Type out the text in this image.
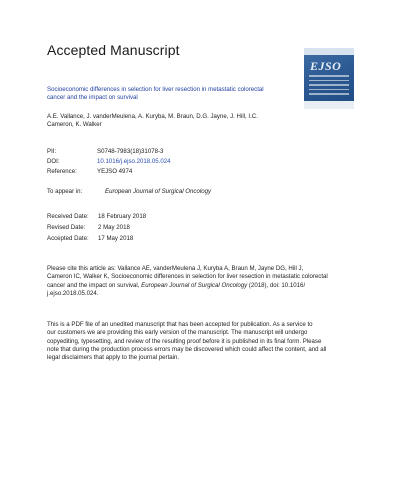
Accepted Manuscript
EJSO
Socioeconomic differences in selection for liver resection in metastatic colorectal
cancer and the impact on survival
A.E. Vallance, J. vanderMeulena, A. Kuryba, M. Braun, D.G. Jayne, J. Hill, I.C.
Cameron, K. Walker
PII:	S0748-7983(18)31078-3
DOI:	10.1016/j.ejso.2018.05.024
Reference:	YEJSO 4974
To appear in:	European Journal of Surgical Oncology
Received Date: 18 February 2018
Revised Date: 2 May 2018
Accepted Date: 17 May 2018
Please cite this article as: Vallance AE, vanderMeulena J, Kuryba A, Braun M, Jayne DG, Hill J,
Cameron IC, Walker K, Socioeconomic differences in selection for liver resection in metastatic colorectal
cancer and the impact on survival, European Journal of Surgical Oncology (2018), doi: 10.1016/
j.ejso.2018.05.024.
This is a PDF file of an unedited manuscript that has been accepted for publication. As a service to
our customers we are providing this early version of the manuscript. The manuscript will undergo
copyediting, typesetting, and review of the resulting proof before it is published in its final form. Please
note that during the production process errors may be discovered which could affect the content, and all
legal disclaimers that apply to the journal pertain.
